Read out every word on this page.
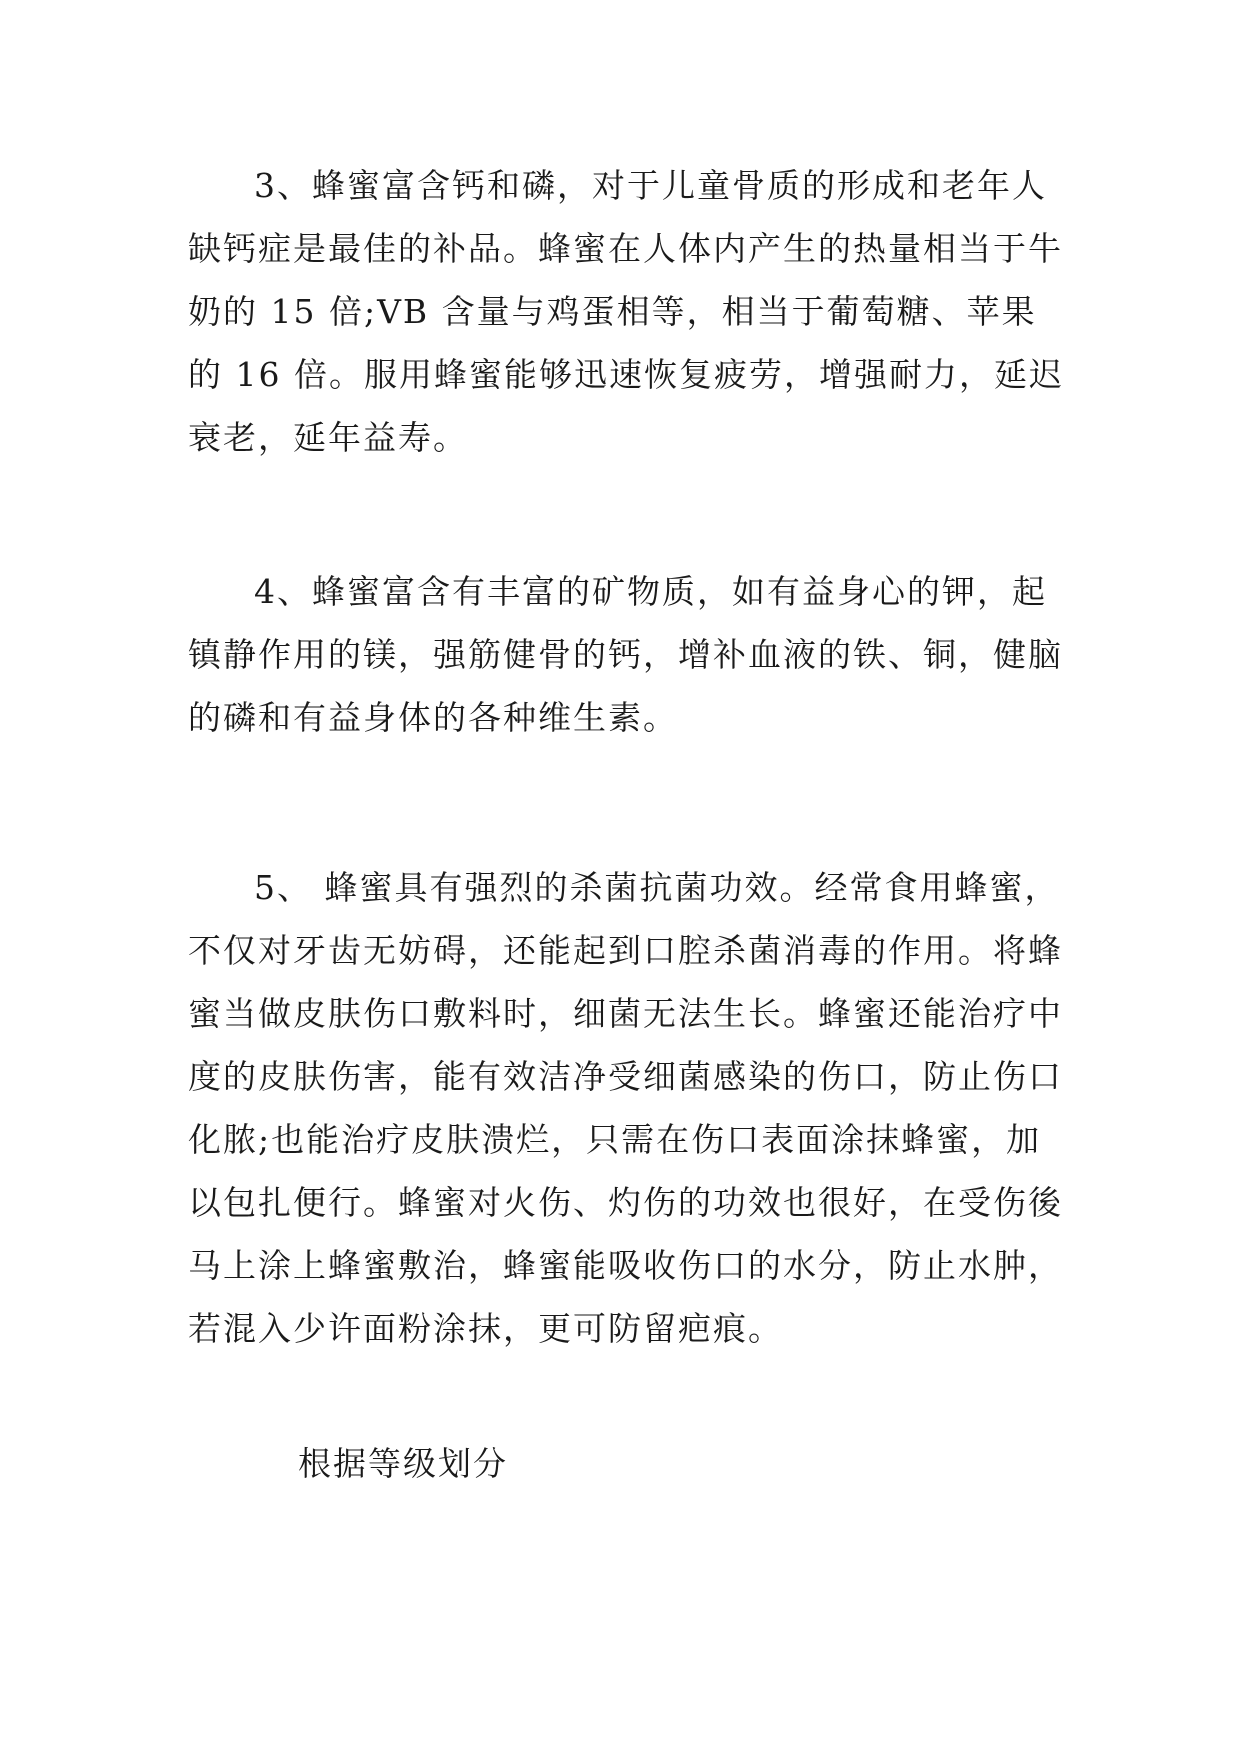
3、蜂蜜富含钙和磷，对于儿童骨质的形成和老年人缺钙症是最佳的补品。蜂蜜在人体内产生的热量相当于牛奶的 15 倍;VB 含量与鸡蛋相等，相当于葡萄糖、苹果的 16 倍。服用蜂蜜能够迅速恢复疲劳，增强耐力，延迟衰老，延年益寿。

4、蜂蜜富含有丰富的矿物质，如有益身心的钾，起镇静作用的镁，强筋健骨的钙，增补血液的铁、铜，健脑的磷和有益身体的各种维生素。

5、 蜂蜜具有强烈的杀菌抗菌功效。经常食用蜂蜜，不仅对牙齿无妨碍，还能起到口腔杀菌消毒的作用。将蜂蜜当做皮肤伤口敷料时，细菌无法生长。蜂蜜还能治疗中度的皮肤伤害，能有效洁净受细菌感染的伤口，防止伤口化脓;也能治疗皮肤溃烂，只需在伤口表面涂抹蜂蜜，加以包扎便行。蜂蜜对火伤、灼伤的功效也很好，在受伤後马上涂上蜂蜜敷治，蜂蜜能吸收伤口的水分，防止水肿，若混入少许面粉涂抹，更可防留疤痕。

根据等级划分
